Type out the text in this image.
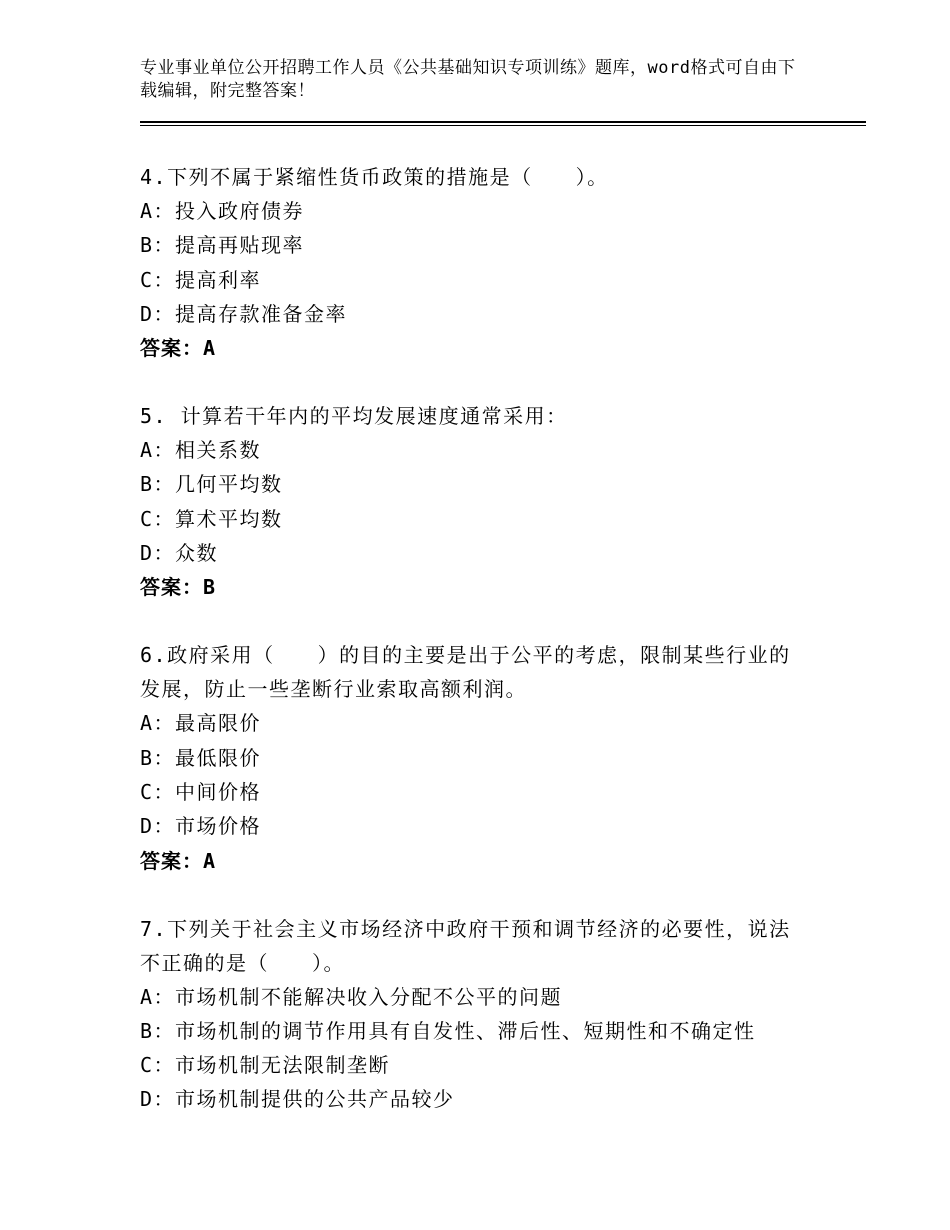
专业事业单位公开招聘工作人员《公共基础知识专项训练》题库，word格式可自由下载编辑，附完整答案！
4.下列不属于紧缩性货币政策的措施是（　　）。
A：投入政府债券
B：提高再贴现率
C：提高利率
D：提高存款准备金率
答案：A
5. 计算若干年内的平均发展速度通常采用：
A：相关系数
B：几何平均数
C：算术平均数
D：众数
答案：B
6.政府采用（　　）的目的主要是出于公平的考虑，限制某些行业的发展，防止一些垄断行业索取高额利润。
A：最高限价
B：最低限价
C：中间价格
D：市场价格
答案：A
7.下列关于社会主义市场经济中政府干预和调节经济的必要性，说法不正确的是（　　）。
A：市场机制不能解决收入分配不公平的问题
B：市场机制的调节作用具有自发性、滞后性、短期性和不确定性
C：市场机制无法限制垄断
D：市场机制提供的公共产品较少
